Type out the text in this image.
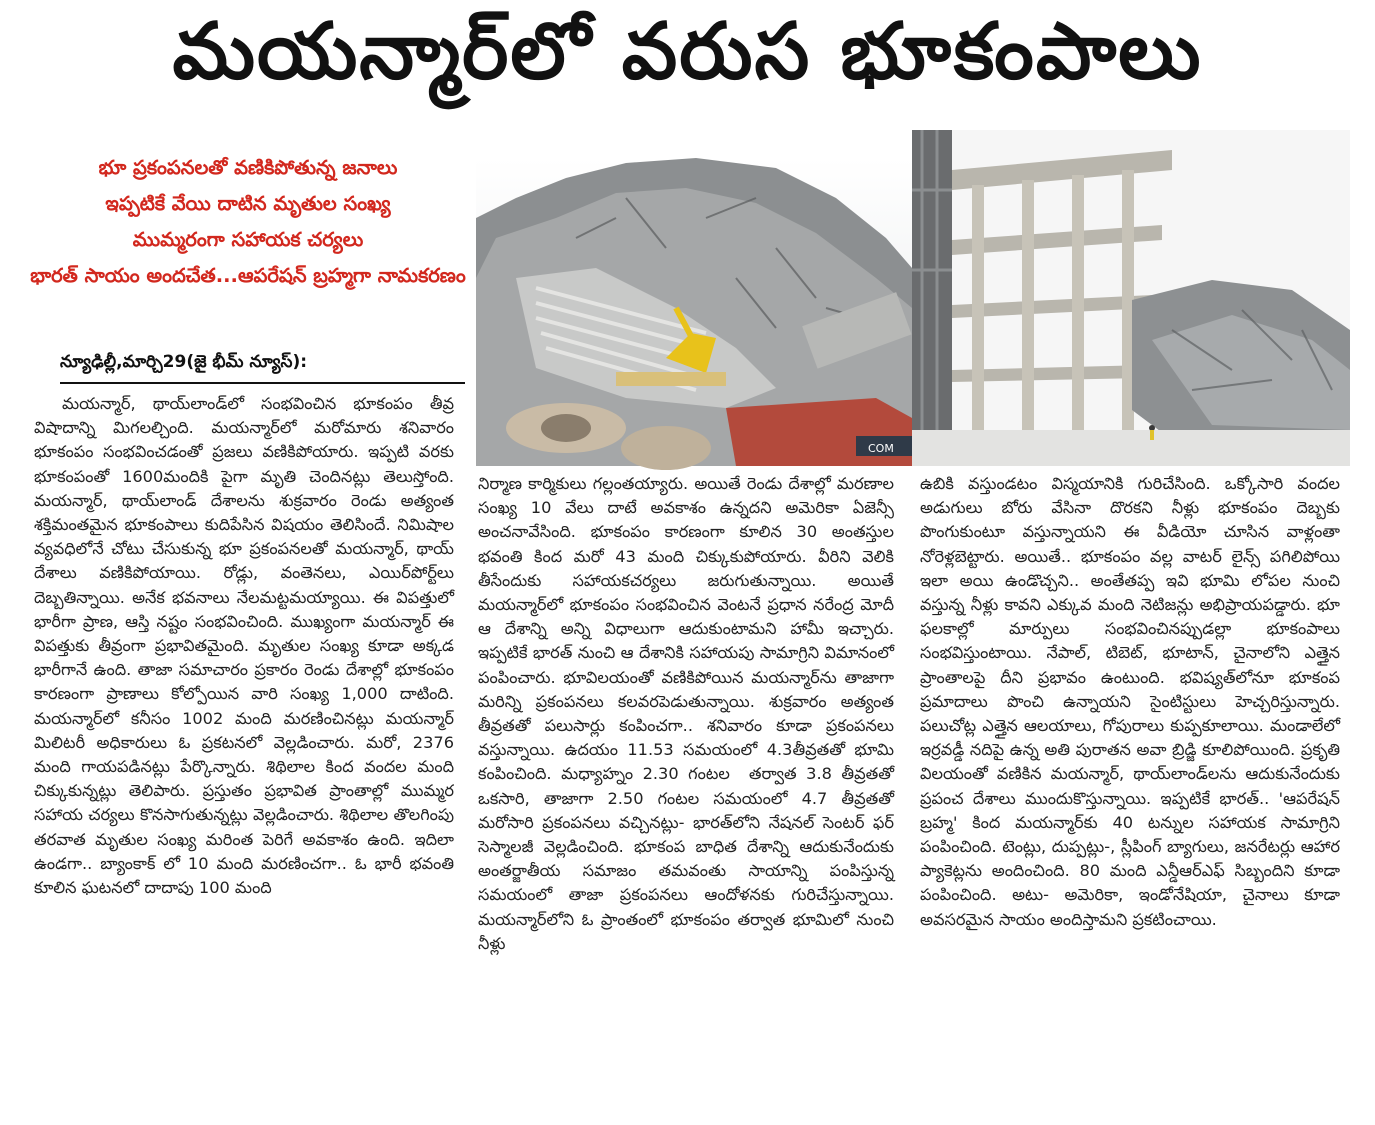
మయన్మార్‌లో వరుస భూకంపాలు
భూ ప్రకంపనలతో వణికిపోతున్న జనాలు
ఇప్పటికే వేయి దాటిన మృతుల సంఖ్య
ముమ్మరంగా సహాయక చర్యలు
భారత్‌ సాయం అందచేత...ఆపరేషన్‌ బ్రహ్మగా నామకరణం
న్యూఢిల్లీ,మార్చి29(జై భీమ్‌ న్యూస్‌):
COM
మయన్మార్‌, థాయ్‌లాండ్‌లో సంభవించిన భూకంపం తీవ్ర విషాదాన్ని మిగలల్చింది. మయన్మార్‌లో మరోమారు శనివారం భూకంపం సంభవించడంతో ప్రజలు వణికిపోయారు. ఇప్పటి వరకు భూకంపంతో 1600మందికి పైగా మృతి చెందినట్లు తెలుస్తోంది. మయన్మార్‌, థాయ్‌లాండ్‌ దేశాలను శుక్రవారం రెండు అత్యంత శక్తిమంతమైన భూకంపాలు కుదిపేసిన విషయం తెలిసిందే. నిమిషాల వ్యవధిలోనే చోటు చేసుకున్న భూ ప్రకంపనలతో మయన్మార్‌, థాయ్‌ దేశాలు వణికిపోయాయి. రోడ్లు, వంతెనలు, ఎయిర్‌పోర్ట్‌లు దెబ్బతిన్నాయి. అనేక భవనాలు నేలమట్టమయ్యాయి. ఈ విపత్తులో భారీగా ప్రాణ, ఆస్తి నష్టం సంభవించింది. ముఖ్యంగా మయన్మార్‌ ఈ విపత్తుకు తీవ్రంగా ప్రభావితమైంది. మృతుల సంఖ్య కూడా అక్కడ భారీగానే ఉంది. తాజా సమాచారం ప్రకారం రెండు దేశాల్లో భూకంపం కారణంగా ప్రాణాలు కోల్పోయిన వారి సంఖ్య 1,000 దాటింది. మయన్మార్‌లో కనీసం 1002 మంది మరణించినట్లు మయన్మార్‌ మిలిటరీ అధికారులు ఓ ప్రకటనలో వెల్లడించారు. మరో, 2376 మంది గాయపడినట్లు పేర్కొన్నారు. శిథిలాల కింద వందల మంది చిక్కుకున్నట్లు తెలిపారు. ప్రస్తుతం ప్రభావిత ప్రాంతాల్లో ముమ్మర సహాయ చర్యలు కొనసాగుతున్నట్లు వెల్లడించారు. శిథిలాల తొలగింపు తరవాత మృతుల సంఖ్య మరింత పెరిగే అవకాశం ఉంది. ఇదిలా ఉండగా.. బ్యాంకాక్‌ లో 10 మంది మరణించగా.. ఓ భారీ భవంతి కూలిన ఘటనలో దాదాపు 100 మంది
నిర్మాణ కార్మికులు గల్లంతయ్యారు. అయితే రెండు దేశాల్లో మరణాల సంఖ్య 10 వేలు దాటే అవకాశం ఉన్నదని అమెరికా ఏజెన్సీ అంచనావేసింది. భూకంపం కారణంగా కూలిన 30 అంతస్తుల భవంతి కింద మరో 43 మంది చిక్కుకుపోయారు. వీరిని వెలికి తీసేందుకు సహాయకచర్యలు జరుగుతున్నాయి. అయితే మయన్మార్‌లో భూకంపం సంభవించిన వెంటనే ప్రధాన నరేంద్ర మోదీ ఆ దేశాన్ని అన్ని విధాలుగా ఆదుకుంటామని హామీ ఇచ్చారు. ఇప్పటికే భారత్‌ నుంచి ఆ దేశానికి సహాయపు సామాగ్రిని విమానంలో పంపించారు. భూవిలయంతో వణికిపోయిన మయన్మార్‌ను తాజాగా మరిన్ని ప్రకంపనలు కలవరపెడుతున్నాయి. శుక్రవారం అత్యంత తీవ్రతతో పలుసార్లు కంపించగా.. శనివారం కూడా ప్రకంపనలు వస్తున్నాయి. ఉదయం 11.53 సమయంలో 4.3తీవ్రతతో భూమి కంపించింది. మధ్యాహ్నం 2.30 గంటల  తర్వాత 3.8 తీవ్రతతో ఒకసారి, తాజాగా 2.50 గంటల సమయంలో 4.7 తీవ్రతతో మరోసారి ప్రకంపనలు వచ్చినట్లు- భారత్‌లోని నేషనల్‌ సెంటర్‌ ఫర్‌ సెస్మాలజీ వెల్లడించింది. భూకంప బాధిత దేశాన్ని ఆదుకునేందుకు అంతర్జాతీయ సమాజం తమవంతు సాయాన్ని పంపిస్తున్న సమయంలో తాజా ప్రకంపనలు ఆందోళనకు గురిచేస్తున్నాయి. మయన్మార్‌లోని ఓ ప్రాంతంలో భూకంపం తర్వాత భూమిలో నుంచి నీళ్లు
ఉబికి వస్తుండటం విస్మయానికి గురిచేసింది. ఒక్కోసారి వందల అడుగులు బోరు వేసినా దొరకని నీళ్లు భూకంపం దెబ్బకు పొంగుకుంటూ వస్తున్నాయని ఈ వీడియో చూసిన వాళ్లంతా నోరెళ్లబెట్టారు. అయితే.. భూకంపం వల్ల వాటర్‌ లైన్స్‌ పగిలిపోయి ఇలా అయి ఉండొచ్చని.. అంతేతప్ప ఇవి భూమి లోపల నుంచి వస్తున్న నీళ్లు కావని ఎక్కువ మంది నెటిజన్లు అభిప్రాయపడ్డారు. భూ ఫలకాల్లో మార్పులు సంభవించినప్పుడల్లా భూకంపాలు సంభవిస్తుంటాయి. నేపాల్‌, టిబెట్‌, భూటాన్‌, చైనాలోని ఎత్తైన ప్రాంతాలపై దీని ప్రభావం ఉంటుంది. భవిష్యత్‌లోనూ భూకంప ప్రమాదాలు పొంచి ఉన్నాయని సైంటిస్టులు హెచ్చరిస్తున్నారు.    పలుచోట్ల ఎత్తైన ఆలయాలు, గోపురాలు కుప్పకూలాయి. మండాలేలో ఇర్రవడ్డీ నదిపై ఉన్న అతి పురాతన అవా బ్రిడ్జి కూలిపోయింది. ప్రకృతి విలయంతో వణికిన మయన్మార్‌, థాయ్‌లాండ్‌లను ఆదుకునేందుకు ప్రపంచ దేశాలు ముందుకొస్తున్నాయి. ఇప్పటికే భారత్‌.. 'ఆపరేషన్‌ బ్రహ్మ' కింద మయన్మార్‌కు 40 టన్నుల సహాయక సామాగ్రిని పంపించింది. టెంట్లు, దుప్పట్లు-, స్లీపింగ్‌ బ్యాగులు, జనరేటర్లు ఆహార ప్యాకెట్లను అందించింది. 80 మంది ఎన్డీఆర్‌ఎఫ్‌ సిబ్బందిని కూడా పంపించింది. అటు- అమెరికా, ఇండోనేషియా, చైనాలు కూడా అవసరమైన సాయం అందిస్తామని ప్రకటించాయి.
